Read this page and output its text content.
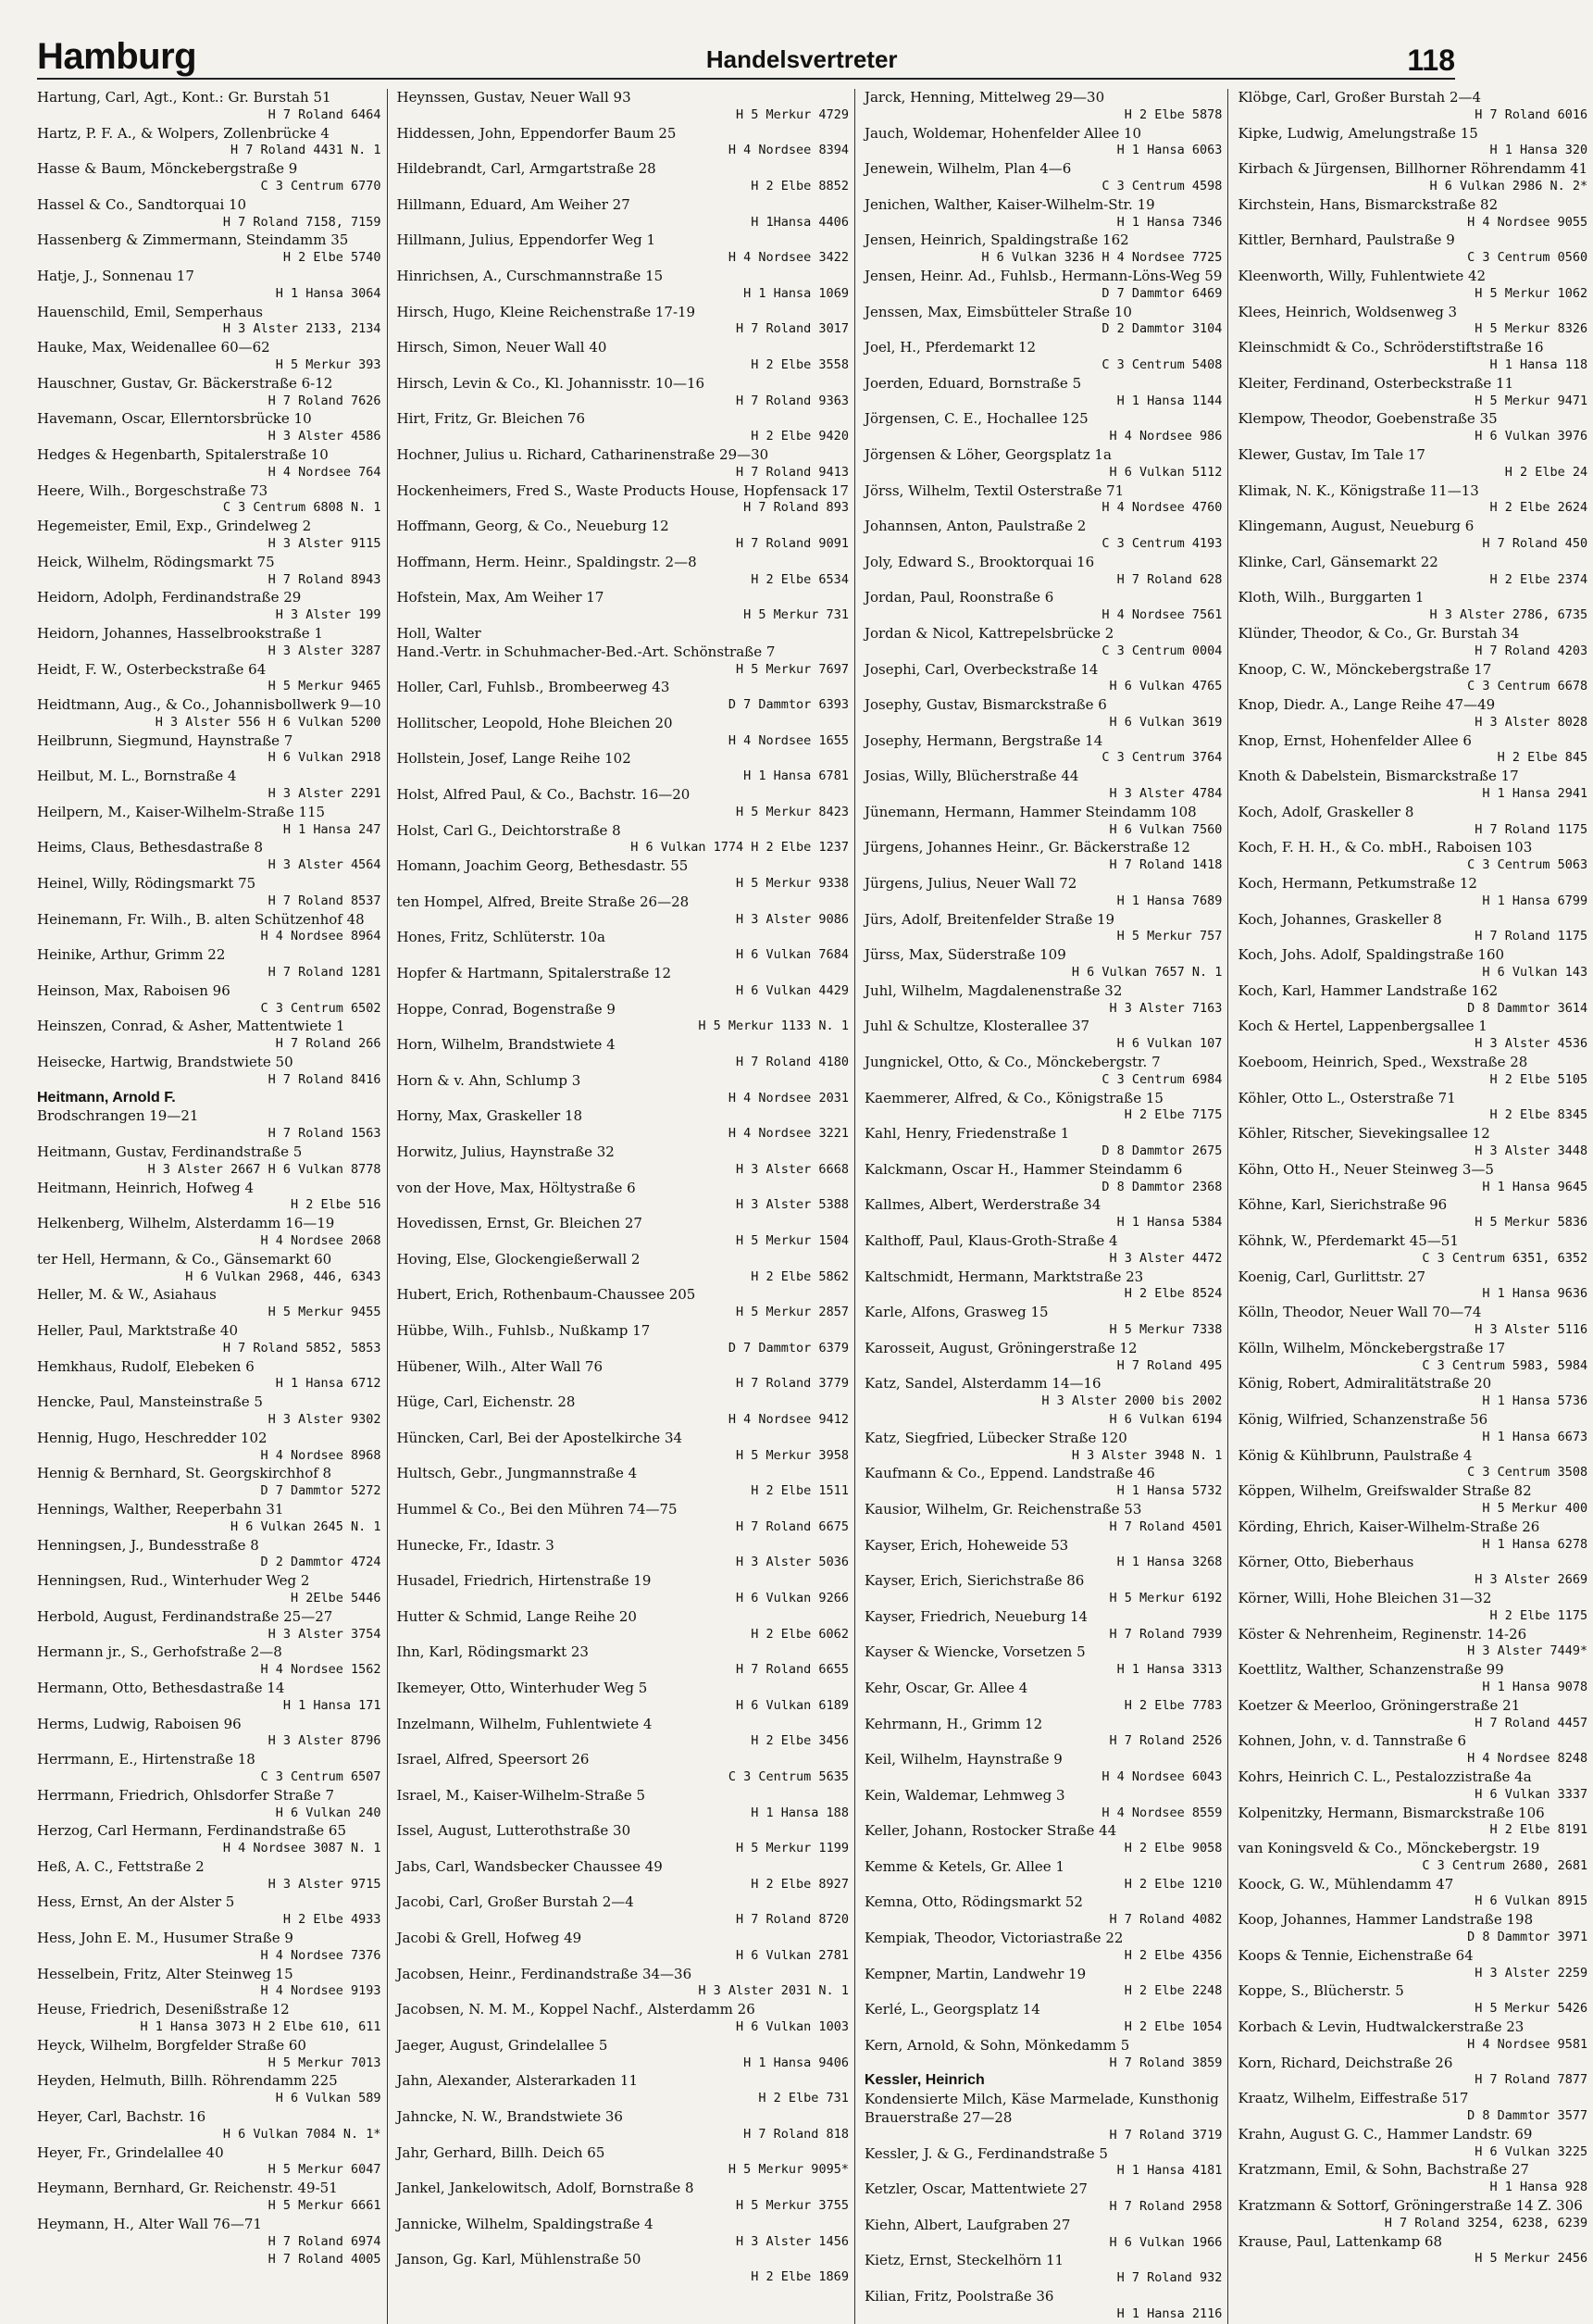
Hamburg	Handelsvertreter	118
Hartung, Carl, Agt., Kont.: Gr. Burstah 51
H 7 Roland 6464
Hartz, P. F. A., & Wolpers, Zollenbrücke 4
H 7 Roland 4431 N. 1
Hasse & Baum, Mönckebergstraße 9
C 3 Centrum 6770
Hassel & Co., Sandtorquai 10
H 7 Roland 7158, 7159
Hassenberg & Zimmermann, Steindamm 35
H 2 Elbe 5740
Hatje, J., Sonnenau 17
H 1 Hansa 3064
Hauenschild, Emil, Semperhaus
H 3 Alster 2133, 2134
Hauke, Max, Weidenallee 60—62
H 5 Merkur 393
Hauschner, Gustav, Gr. Bäckerstraße 6-12
H 7 Roland 7626
Havemann, Oscar, Ellerntorsbrücke 10
H 3 Alster 4586
Hedges & Hegenbarth, Spitalerstraße 10
H 4 Nordsee 764
Heere, Wilh., Borgeschstraße 73
C 3 Centrum 6808 N. 1
Hegemeister, Emil, Exp., Grindelweg 2
H 3 Alster 9115
Heick, Wilhelm, Rödingsmarkt 75
H 7 Roland 8943
Heidorn, Adolph, Ferdinandstraße 29
H 3 Alster 199
Heidorn, Johannes, Hasselbrookstraße 1
H 3 Alster 3287
Heidt, F. W., Osterbeckstraße 64
H 5 Merkur 9465
Heidtmann, Aug., & Co., Johannisbollwerk 9—10
H 3 Alster 556 H 6 Vulkan 5200
Heilbrunn, Siegmund, Haynstraße 7
H 6 Vulkan 2918
Heilbut, M. L., Bornstraße 4
H 3 Alster 2291
Heilpern, M., Kaiser-Wilhelm-Straße 115
H 1 Hansa 247
Heims, Claus, Bethesdastraße 8
H 3 Alster 4564
Heinel, Willy, Rödingsmarkt 75
H 7 Roland 8537
Heinemann, Fr. Wilh., B. alten Schützenhof 48
H 4 Nordsee 8964
Heinike, Arthur, Grimm 22
H 7 Roland 1281
Heinson, Max, Raboisen 96
C 3 Centrum 6502
Heinszen, Conrad, & Asher, Mattentwiete 1
H 7 Roland 266
Heisecke, Hartwig, Brandstwiete 50
H 7 Roland 8416
Heitmann, Arnold F.
Brodschrangen 19—21
H 7 Roland 1563
Heitmann, Gustav, Ferdinandstraße 5
H 3 Alster 2667 H 6 Vulkan 8778
Heitmann, Heinrich, Hofweg 4
H 2 Elbe 516
Helkenberg, Wilhelm, Alsterdamm 16—19
H 4 Nordsee 2068
ter Hell, Hermann, & Co., Gänsemarkt 60
H 6 Vulkan 2968, 446, 6343
Heller, M. & W., Asiahaus
H 5 Merkur 9455
Heller, Paul, Marktstraße 40
H 7 Roland 5852, 5853
Hemkhaus, Rudolf, Elebeken 6
H 1 Hansa 6712
Hencke, Paul, Mansteinstraße 5
H 3 Alster 9302
Hennig, Hugo, Heschredder 102
H 4 Nordsee 8968
Hennig & Bernhard, St. Georgskirchhof 8
D 7 Dammtor 5272
Hennings, Walther, Reeperbahn 31
H 6 Vulkan 2645 N. 1
Henningsen, J., Bundesstraße 8
D 2 Dammtor 4724
Henningsen, Rud., Winterhuder Weg 2
H 2Elbe 5446
Herbold, August, Ferdinandstraße 25—27
H 3 Alster 3754
Hermann jr., S., Gerhofstraße 2—8
H 4 Nordsee 1562
Hermann, Otto, Bethesdastraße 14
H 1 Hansa 171
Herms, Ludwig, Raboisen 96
H 3 Alster 8796
Herrmann, E., Hirtenstraße 18
C 3 Centrum 6507
Herrmann, Friedrich, Ohlsdorfer Straße 7
H 6 Vulkan 240
Herzog, Carl Hermann, Ferdinandstraße 65
H 4 Nordsee 3087 N. 1
Heß, A. C., Fettstraße 2
H 3 Alster 9715
Hess, Ernst, An der Alster 5
H 2 Elbe 4933
Hess, John E. M., Husumer Straße 9
H 4 Nordsee 7376
Hesselbein, Fritz, Alter Steinweg 15
H 4 Nordsee 9193
Heuse, Friedrich, Desenißstraße 12
H 1 Hansa 3073 H 2 Elbe 610, 611
Heyck, Wilhelm, Borgfelder Straße 60
H 5 Merkur 7013
Heyden, Helmuth, Billh. Röhrendamm 225
H 6 Vulkan 589
Heyer, Carl, Bachstr. 16
H 6 Vulkan 7084 N. 1*
Heyer, Fr., Grindelallee 40
H 5 Merkur 6047
Heymann, Bernhard, Gr. Reichenstr. 49-51
H 5 Merkur 6661
Heymann, H., Alter Wall 76—71
H 7 Roland 6974
H 7 Roland 4005
Heynssen, Gustav, Neuer Wall 93
H 5 Merkur 4729
Hiddessen, John, Eppendorfer Baum 25
H 4 Nordsee 8394
Hildebrandt, Carl, Armgartstraße 28
H 2 Elbe 8852
Hillmann, Eduard, Am Weiher 27
H 1Hansa 4406
Hillmann, Julius, Eppendorfer Weg 1
H 4 Nordsee 3422
Hinrichsen, A., Curschmannstraße 15
H 1 Hansa 1069
Hirsch, Hugo, Kleine Reichenstraße 17-19
H 7 Roland 3017
Hirsch, Simon, Neuer Wall 40
H 2 Elbe 3558
Hirsch, Levin & Co., Kl. Johannisstr. 10—16
H 7 Roland 9363
Hirt, Fritz, Gr. Bleichen 76
H 2 Elbe 9420
Hochner, Julius u. Richard, Catharinenstraße 29—30
H 7 Roland 9413
Hockenheimers, Fred S., Waste Products House, Hopfensack 17
H 7 Roland 893
Hoffmann, Georg, & Co., Neueburg 12
H 7 Roland 9091
Hoffmann, Herm. Heinr., Spaldingstr. 2—8
H 2 Elbe 6534
Hofstein, Max, Am Weiher 17
H 5 Merkur 731
Holl, Walter
Hand.-Vertr. in Schuhmacher-Bed.-Art. Schönstraße 7
H 5 Merkur 7697
Holler, Carl, Fuhlsb., Brombeerweg 43
D 7 Dammtor 6393
Hollitscher, Leopold, Hohe Bleichen 20
H 4 Nordsee 1655
Hollstein, Josef, Lange Reihe 102
H 1 Hansa 6781
Holst, Alfred Paul, & Co., Bachstr. 16—20
H 5 Merkur 8423
Holst, Carl G., Deichtorstraße 8
H 6 Vulkan 1774 H 2 Elbe 1237
Homann, Joachim Georg, Bethesdastr. 55
H 5 Merkur 9338
ten Hompel, Alfred, Breite Straße 26—28
H 3 Alster 9086
Hones, Fritz, Schlüterstr. 10a
H 6 Vulkan 7684
Hopfer & Hartmann, Spitalerstraße 12
H 6 Vulkan 4429
Hoppe, Conrad, Bogenstraße 9
H 5 Merkur 1133 N. 1
Horn, Wilhelm, Brandstwiete 4
H 7 Roland 4180
Horn & v. Ahn, Schlump 3
H 4 Nordsee 2031
Horny, Max, Graskeller 18
H 4 Nordsee 3221
Horwitz, Julius, Haynstraße 32
H 3 Alster 6668
von der Hove, Max, Höltystraße 6
H 3 Alster 5388
Hovedissen, Ernst, Gr. Bleichen 27
H 5 Merkur 1504
Hoving, Else, Glockengießerwall 2
H 2 Elbe 5862
Hubert, Erich, Rothenbaum-Chaussee 205
H 5 Merkur 2857
Hübbe, Wilh., Fuhlsb., Nußkamp 17
D 7 Dammtor 6379
Hübener, Wilh., Alter Wall 76
H 7 Roland 3779
Hüge, Carl, Eichenstr. 28
H 4 Nordsee 9412
Hüncken, Carl, Bei der Apostelkirche 34
H 5 Merkur 3958
Hultsch, Gebr., Jungmannstraße 4
H 2 Elbe 1511
Hummel & Co., Bei den Mühren 74—75
H 7 Roland 6675
Hunecke, Fr., Idastr. 3
H 3 Alster 5036
Husadel, Friedrich, Hirtenstraße 19
H 6 Vulkan 9266
Hutter & Schmid, Lange Reihe 20
H 2 Elbe 6062
Ihn, Karl, Rödingsmarkt 23
H 7 Roland 6655
Ikemeyer, Otto, Winterhuder Weg 5
H 6 Vulkan 6189
Inzelmann, Wilhelm, Fuhlentwiete 4
H 2 Elbe 3456
Israel, Alfred, Speersort 26
C 3 Centrum 5635
Israel, M., Kaiser-Wilhelm-Straße 5
H 1 Hansa 188
Issel, August, Lutterothstraße 30
H 5 Merkur 1199
Jabs, Carl, Wandsbecker Chaussee 49
H 2 Elbe 8927
Jacobi, Carl, Großer Burstah 2—4
H 7 Roland 8720
Jacobi & Grell, Hofweg 49
H 6 Vulkan 2781
Jacobsen, Heinr., Ferdinandstraße 34—36
H 3 Alster 2031 N. 1
Jacobsen, N. M. M., Koppel Nachf., Alsterdamm 26
H 6 Vulkan 1003
Jaeger, August, Grindelallee 5
H 1 Hansa 9406
Jahn, Alexander, Alsterarkaden 11
H 2 Elbe 731
Jahncke, N. W., Brandstwiete 36
H 7 Roland 818
Jahr, Gerhard, Billh. Deich 65
H 5 Merkur 9095*
Jankel, Jankelowitsch, Adolf, Bornstraße 8
H 5 Merkur 3755
Jannicke, Wilhelm, Spaldingstraße 4
H 3 Alster 1456
Janson, Gg. Karl, Mühlenstraße 50
H 2 Elbe 1869
Jarck, Henning, Mittelweg 29—30
H 2 Elbe 5878
Jauch, Woldemar, Hohenfelder Allee 10
H 1 Hansa 6063
Jenewein, Wilhelm, Plan 4—6
C 3 Centrum 4598
Jenichen, Walther, Kaiser-Wilhelm-Str. 19
H 1 Hansa 7346
Jensen, Heinrich, Spaldingstraße 162
H 6 Vulkan 3236 H 4 Nordsee 7725
Jensen, Heinr. Ad., Fuhlsb., Hermann-Löns-Weg 59
D 7 Dammtor 6469
Jenssen, Max, Eimsbütteler Straße 10
D 2 Dammtor 3104
Joel, H., Pferdemarkt 12
C 3 Centrum 5408
Joerden, Eduard, Bornstraße 5
H 1 Hansa 1144
Jörgensen, C. E., Hochallee 125
H 4 Nordsee 986
Jörgensen & Löher, Georgsplatz 1a
H 6 Vulkan 5112
Jörss, Wilhelm, Textil Osterstraße 71
H 4 Nordsee 4760
Johannsen, Anton, Paulstraße 2
C 3 Centrum 4193
Joly, Edward S., Brooktorquai 16
H 7 Roland 628
Jordan, Paul, Roonstraße 6
H 4 Nordsee 7561
Jordan & Nicol, Kattrepelsbrücke 2
C 3 Centrum 0004
Josephi, Carl, Overbeckstraße 14
H 6 Vulkan 4765
Josephy, Gustav, Bismarckstraße 6
H 6 Vulkan 3619
Josephy, Hermann, Bergstraße 14
C 3 Centrum 3764
Josias, Willy, Blücherstraße 44
H 3 Alster 4784
Jünemann, Hermann, Hammer Steindamm 108
H 6 Vulkan 7560
Jürgens, Johannes Heinr., Gr. Bäckerstraße 12
H 7 Roland 1418
Jürgens, Julius, Neuer Wall 72
H 1 Hansa 7689
Jürs, Adolf, Breitenfelder Straße 19
H 5 Merkur 757
Jürss, Max, Süderstraße 109
H 6 Vulkan 7657 N. 1
Juhl, Wilhelm, Magdalenenstraße 32
H 3 Alster 7163
Juhl & Schultze, Klosterallee 37
H 6 Vulkan 107
Jungnickel, Otto, & Co., Mönckebergstr. 7
C 3 Centrum 6984
Kaemmerer, Alfred, & Co., Königstraße 15
H 2 Elbe 7175
Kahl, Henry, Friedenstraße 1
D 8 Dammtor 2675
Kalckmann, Oscar H., Hammer Steindamm 6
D 8 Dammtor 2368
Kallmes, Albert, Werderstraße 34
H 1 Hansa 5384
Kalthoff, Paul, Klaus-Groth-Straße 4
H 3 Alster 4472
Kaltschmidt, Hermann, Marktstraße 23
H 2 Elbe 8524
Karle, Alfons, Grasweg 15
H 5 Merkur 7338
Karosseit, August, Gröningerstraße 12
H 7 Roland 495
Katz, Sandel, Alsterdamm 14—16
H 3 Alster 2000 bis 2002
H 6 Vulkan 6194
Katz, Siegfried, Lübecker Straße 120
H 3 Alster 3948 N. 1
Kaufmann & Co., Eppend. Landstraße 46
H 1 Hansa 5732
Kausior, Wilhelm, Gr. Reichenstraße 53
H 7 Roland 4501
Kayser, Erich, Hoheweide 53
H 1 Hansa 3268
Kayser, Erich, Sierichstraße 86
H 5 Merkur 6192
Kayser, Friedrich, Neueburg 14
H 7 Roland 7939
Kayser & Wiencke, Vorsetzen 5
H 1 Hansa 3313
Kehr, Oscar, Gr. Allee 4
H 2 Elbe 7783
Kehrmann, H., Grimm 12
H 7 Roland 2526
Keil, Wilhelm, Haynstraße 9
H 4 Nordsee 6043
Kein, Waldemar, Lehmweg 3
H 4 Nordsee 8559
Keller, Johann, Rostocker Straße 44
H 2 Elbe 9058
Kemme & Ketels, Gr. Allee 1
H 2 Elbe 1210
Kemna, Otto, Rödingsmarkt 52
H 7 Roland 4082
Kempiak, Theodor, Victoriastraße 22
H 2 Elbe 4356
Kempner, Martin, Landwehr 19
H 2 Elbe 2248
Kerlé, L., Georgsplatz 14
H 2 Elbe 1054
Kern, Arnold, & Sohn, Mönkedamm 5
H 7 Roland 3859
Kessler, Heinrich
Kondensierte Milch, Käse Marmelade, Kunsthonig
Brauerstraße 27—28
H 7 Roland 3719
Kessler, J. & G., Ferdinandstraße 5
H 1 Hansa 4181
Ketzler, Oscar, Mattentwiete 27
H 7 Roland 2958
Kiehn, Albert, Laufgraben 27
H 6 Vulkan 1966
Kietz, Ernst, Steckelhörn 11
H 7 Roland 932
Kilian, Fritz, Poolstraße 36
H 1 Hansa 2116
Klöbge, Carl, Großer Burstah 2—4
H 7 Roland 6016
Kipke, Ludwig, Amelungstraße 15
H 1 Hansa 320
Kirbach & Jürgensen, Billhorner Röhrendamm 41
H 6 Vulkan 2986 N. 2*
Kirchstein, Hans, Bismarckstraße 82
H 4 Nordsee 9055
Kittler, Bernhard, Paulstraße 9
C 3 Centrum 0560
Kleenworth, Willy, Fuhlentwiete 42
H 5 Merkur 1062
Klees, Heinrich, Woldsenweg 3
H 5 Merkur 8326
Kleinschmidt & Co., Schröderstiftstraße 16
H 1 Hansa 118
Kleiter, Ferdinand, Osterbeckstraße 11
H 5 Merkur 9471
Klempow, Theodor, Goebenstraße 35
H 6 Vulkan 3976
Klewer, Gustav, Im Tale 17
H 2 Elbe 24
Klimak, N. K., Königstraße 11—13
H 2 Elbe 2624
Klingemann, August, Neueburg 6
H 7 Roland 450
Klinke, Carl, Gänsemarkt 22
H 2 Elbe 2374
Kloth, Wilh., Burggarten 1
H 3 Alster 2786, 6735
Klünder, Theodor, & Co., Gr. Burstah 34
H 7 Roland 4203
Knoop, C. W., Mönckebergstraße 17
C 3 Centrum 6678
Knop, Diedr. A., Lange Reihe 47—49
H 3 Alster 8028
Knop, Ernst, Hohenfelder Allee 6
H 2 Elbe 845
Knoth & Dabelstein, Bismarckstraße 17
H 1 Hansa 2941
Koch, Adolf, Graskeller 8
H 7 Roland 1175
Koch, F. H. H., & Co. mbH., Raboisen 103
C 3 Centrum 5063
Koch, Hermann, Petkumstraße 12
H 1 Hansa 6799
Koch, Johannes, Graskeller 8
H 7 Roland 1175
Koch, Johs. Adolf, Spaldingstraße 160
H 6 Vulkan 143
Koch, Karl, Hammer Landstraße 162
D 8 Dammtor 3614
Koch & Hertel, Lappenbergsallee 1
H 3 Alster 4536
Koeboom, Heinrich, Sped., Wexstraße 28
H 2 Elbe 5105
Köhler, Otto L., Osterstraße 71
H 2 Elbe 8345
Köhler, Ritscher, Sievekingsallee 12
H 3 Alster 3448
Köhn, Otto H., Neuer Steinweg 3—5
H 1 Hansa 9645
Köhne, Karl, Sierichstraße 96
H 5 Merkur 5836
Köhnk, W., Pferdemarkt 45—51
C 3 Centrum 6351, 6352
Koenig, Carl, Gurlittstr. 27
H 1 Hansa 9636
Kölln, Theodor, Neuer Wall 70—74
H 3 Alster 5116
Kölln, Wilhelm, Mönckebergstraße 17
C 3 Centrum 5983, 5984
König, Robert, Admiralitätstraße 20
H 1 Hansa 5736
König, Wilfried, Schanzenstraße 56
H 1 Hansa 6673
König & Kühlbrunn, Paulstraße 4
C 3 Centrum 3508
Köppen, Wilhelm, Greifswalder Straße 82
H 5 Merkur 400
Körding, Ehrich, Kaiser-Wilhelm-Straße 26
H 1 Hansa 6278
Körner, Otto, Bieberhaus
H 3 Alster 2669
Körner, Willi, Hohe Bleichen 31—32
H 2 Elbe 1175
Köster & Nehrenheim, Reginenstr. 14-26
H 3 Alster 7449*
Koettlitz, Walther, Schanzenstraße 99
H 1 Hansa 9078
Koetzer & Meerloo, Gröningerstraße 21
H 7 Roland 4457
Kohnen, John, v. d. Tannstraße 6
H 4 Nordsee 8248
Kohrs, Heinrich C. L., Pestalozzistraße 4a
H 6 Vulkan 3337
Kolpenitzky, Hermann, Bismarckstraße 106
H 2 Elbe 8191
van Koningsveld & Co., Mönckebergstr. 19
C 3 Centrum 2680, 2681
Koock, G. W., Mühlendamm 47
H 6 Vulkan 8915
Koop, Johannes, Hammer Landstraße 198
D 8 Dammtor 3971
Koops & Tennie, Eichenstraße 64
H 3 Alster 2259
Koppe, S., Blücherstr. 5
H 5 Merkur 5426
Korbach & Levin, Hudtwalckerstraße 23
H 4 Nordsee 9581
Korn, Richard, Deichstraße 26
H 7 Roland 7877
Kraatz, Wilhelm, Eiffestraße 517
D 8 Dammtor 3577
Krahn, August G. C., Hammer Landstr. 69
H 6 Vulkan 3225
Kratzmann, Emil, & Sohn, Bachstraße 27
H 1 Hansa 928
Kratzmann & Sottorf, Gröningerstraße 14 Z. 306
H 7 Roland 3254, 6238, 6239
Krause, Paul, Lattenkamp 68
H 5 Merkur 2456
